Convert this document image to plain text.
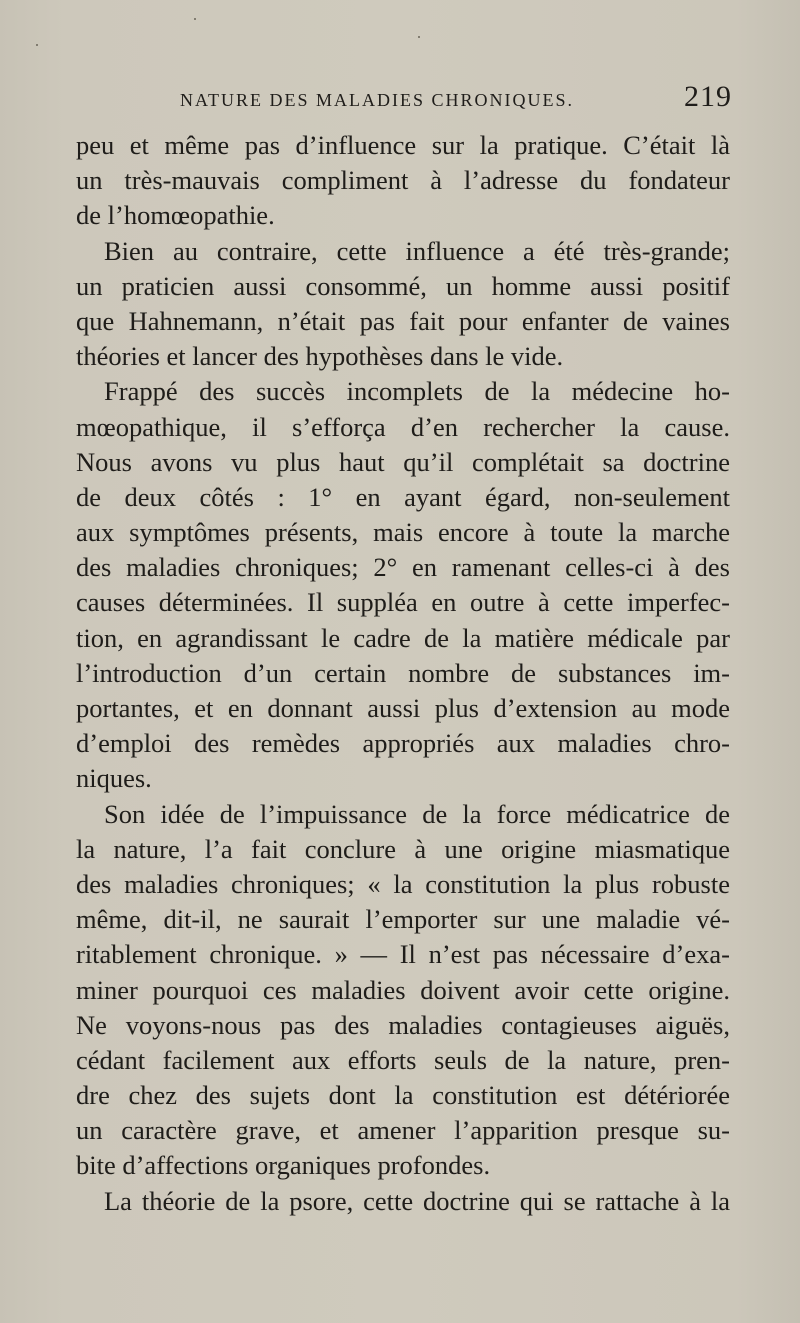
NATURE DES MALADIES CHRONIQUES.	219
peu et même pas d’influence sur la pratique. C’était là
un très-mauvais compliment à l’adresse du fondateur
de l’homœopathie.
Bien au contraire, cette influence a été très-grande;
un praticien aussi consommé, un homme aussi positif
que Hahnemann, n’était pas fait pour enfanter de vaines
théories et lancer des hypothèses dans le vide.
Frappé des succès incomplets de la médecine ho-
mœopathique, il s’efforça d’en rechercher la cause.
Nous avons vu plus haut qu’il complétait sa doctrine
de deux côtés : 1° en ayant égard, non-seulement
aux symptômes présents, mais encore à toute la marche
des maladies chroniques; 2° en ramenant celles-ci à des
causes déterminées. Il suppléa en outre à cette imperfec-
tion, en agrandissant le cadre de la matière médicale par
l’introduction d’un certain nombre de substances im-
portantes, et en donnant aussi plus d’extension au mode
d’emploi des remèdes appropriés aux maladies chro-
niques.
Son idée de l’impuissance de la force médicatrice de
la nature, l’a fait conclure à une origine miasmatique
des maladies chroniques; « la constitution la plus robuste
même, dit-il, ne saurait l’emporter sur une maladie vé-
ritablement chronique. » — Il n’est pas nécessaire d’exa-
miner pourquoi ces maladies doivent avoir cette origine.
Ne voyons-nous pas des maladies contagieuses aiguës,
cédant facilement aux efforts seuls de la nature, pren-
dre chez des sujets dont la constitution est détériorée
un caractère grave, et amener l’apparition presque su-
bite d’affections organiques profondes.
La théorie de la psore, cette doctrine qui se rattache à la
